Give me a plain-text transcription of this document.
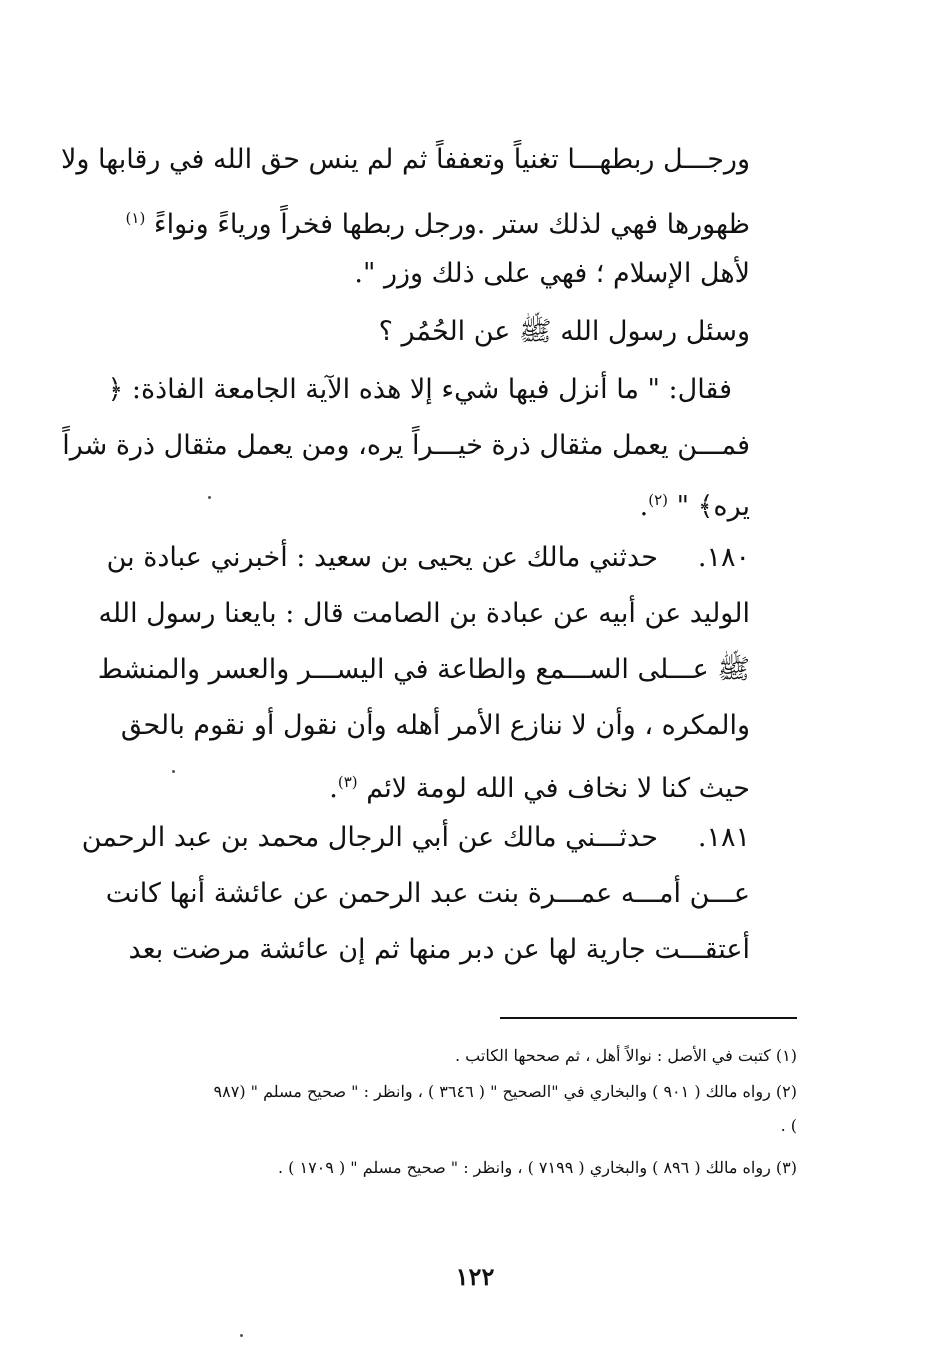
ورجـــل ربطهـــا تغنياً وتعففاً ثم لم ينس حق الله في رقابها ولا
ظهورها فهي لذلك ستر .ورجل ربطها فخراً ورياءً ونواءً $^{(١)}$
لأهل الإسلام ؛ فهي على ذلك وزر ".
وسئل رسول الله ﷺ عن الحُمُر ؟
فقال: " ما أنزل فيها شيء إلا هذه الآية الجامعة الفاذة: ﴿
فمـــن يعمل مثقال ذرة خيـــراً يره، ومن يعمل مثقال ذرة شراً
يره﴾ " $^{(٢)}$.
١٨٠.حدثني مالك عن يحيى بن سعيد : أخبرني عبادة بن
الوليد عن أبيه عن عبادة بن الصامت قال : بايعنا رسول الله
ﷺ عـــلى الســـمع والطاعة في اليســـر والعسر والمنشط
والمكره ، وأن لا ننازع الأمر أهله وأن نقول أو نقوم بالحق
حيث كنا لا نخاف في الله لومة لائم $^{(٣)}$.
١٨١.حدثـــني مالك عن أبي الرجال محمد بن عبد الرحمن
عـــن أمـــه عمـــرة بنت عبد الرحمن عن عائشة أنها كانت
أعتقـــت جارية لها عن دبر منها ثم إن عائشة مرضت بعد
(١) كتبت في الأصل : نوالاً أهل ، ثم صححها الكاتب .
(٢) رواه مالك ( ٩٠١ ) والبخاري في "الصحيح " ( ٣٦٤٦ ) ، وانظر : " صحيح مسلم " (٩٨٧
) .
(٣) رواه مالك ( ٨٩٦ ) والبخاري ( ٧١٩٩ ) ، وانظر : " صحيح مسلم " ( ١٧٠٩ ) .
١٢٢
